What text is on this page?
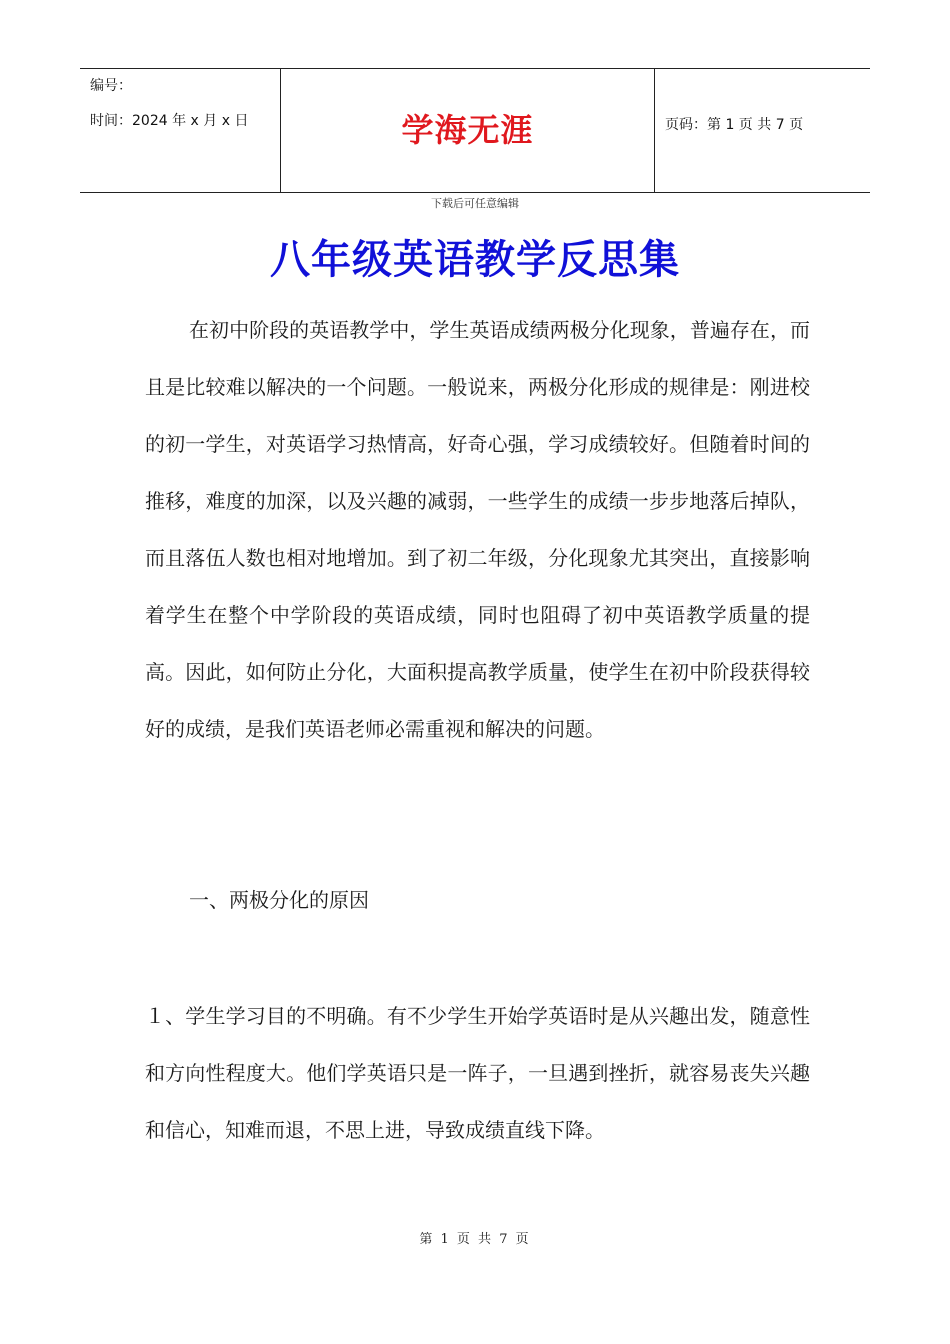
编号：
时间：2024 年 x 月 x 日	学海无涯	页码：第 1 页 共 7 页
下载后可任意编辑
八年级英语教学反思集
在初中阶段的英语教学中，学生英语成绩两极分化现象，普遍存在，而且是比较难以解决的一个问题。一般说来，两极分化形成的规律是：刚进校的初一学生，对英语学习热情高，好奇心强，学习成绩较好。但随着时间的推移，难度的加深，以及兴趣的减弱，一些学生的成绩一步步地落后掉队，而且落伍人数也相对地增加。到了初二年级，分化现象尤其突出，直接影响着学生在整个中学阶段的英语成绩，同时也阻碍了初中英语教学质量的提高。因此，如何防止分化，大面积提高教学质量，使学生在初中阶段获得较好的成绩，是我们英语老师必需重视和解决的问题。
一、两极分化的原因
１、学生学习目的不明确。有不少学生开始学英语时是从兴趣出发，随意性和方向性程度大。他们学英语只是一阵子，一旦遇到挫折，就容易丧失兴趣和信心，知难而退，不思上进，导致成绩直线下降。
第 1 页 共 7 页
